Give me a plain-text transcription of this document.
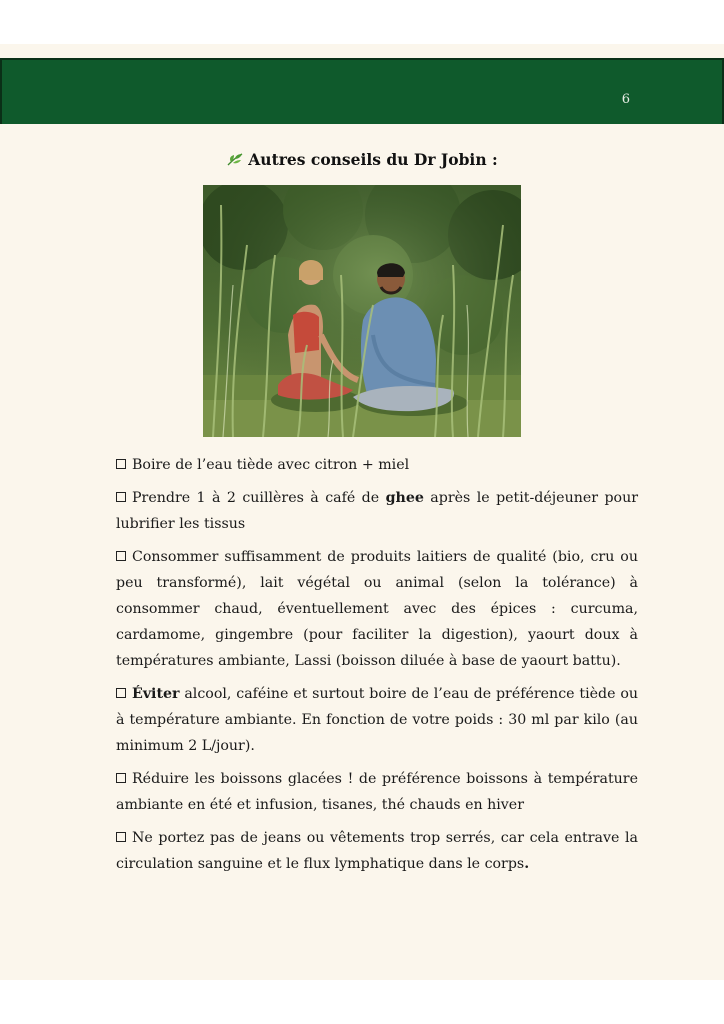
6
Autres conseils du Dr Jobin :
Boire de l’eau tiède avec citron + miel
Prendre 1 à 2 cuillères à café de ghee après le petit-déjeuner pour lubrifier les tissus
Consommer suffisamment de produits laitiers de qualité (bio, cru ou peu transformé), lait végétal ou animal (selon la tolérance) à consommer chaud, éventuellement avec des épices : curcuma, cardamome, gingembre (pour faciliter la digestion), yaourt doux à températures ambiante, Lassi (boisson diluée à base de yaourt battu).
Éviter alcool, caféine et surtout boire de l’eau de préférence tiède ou à température ambiante. En fonction de votre poids : 30 ml par kilo (au minimum 2 L/jour).
Réduire les boissons glacées ! de préférence boissons à température ambiante en été et infusion, tisanes, thé chauds en hiver
Ne portez pas de jeans ou vêtements trop serrés, car cela entrave la circulation sanguine et le flux lymphatique dans le corps.
